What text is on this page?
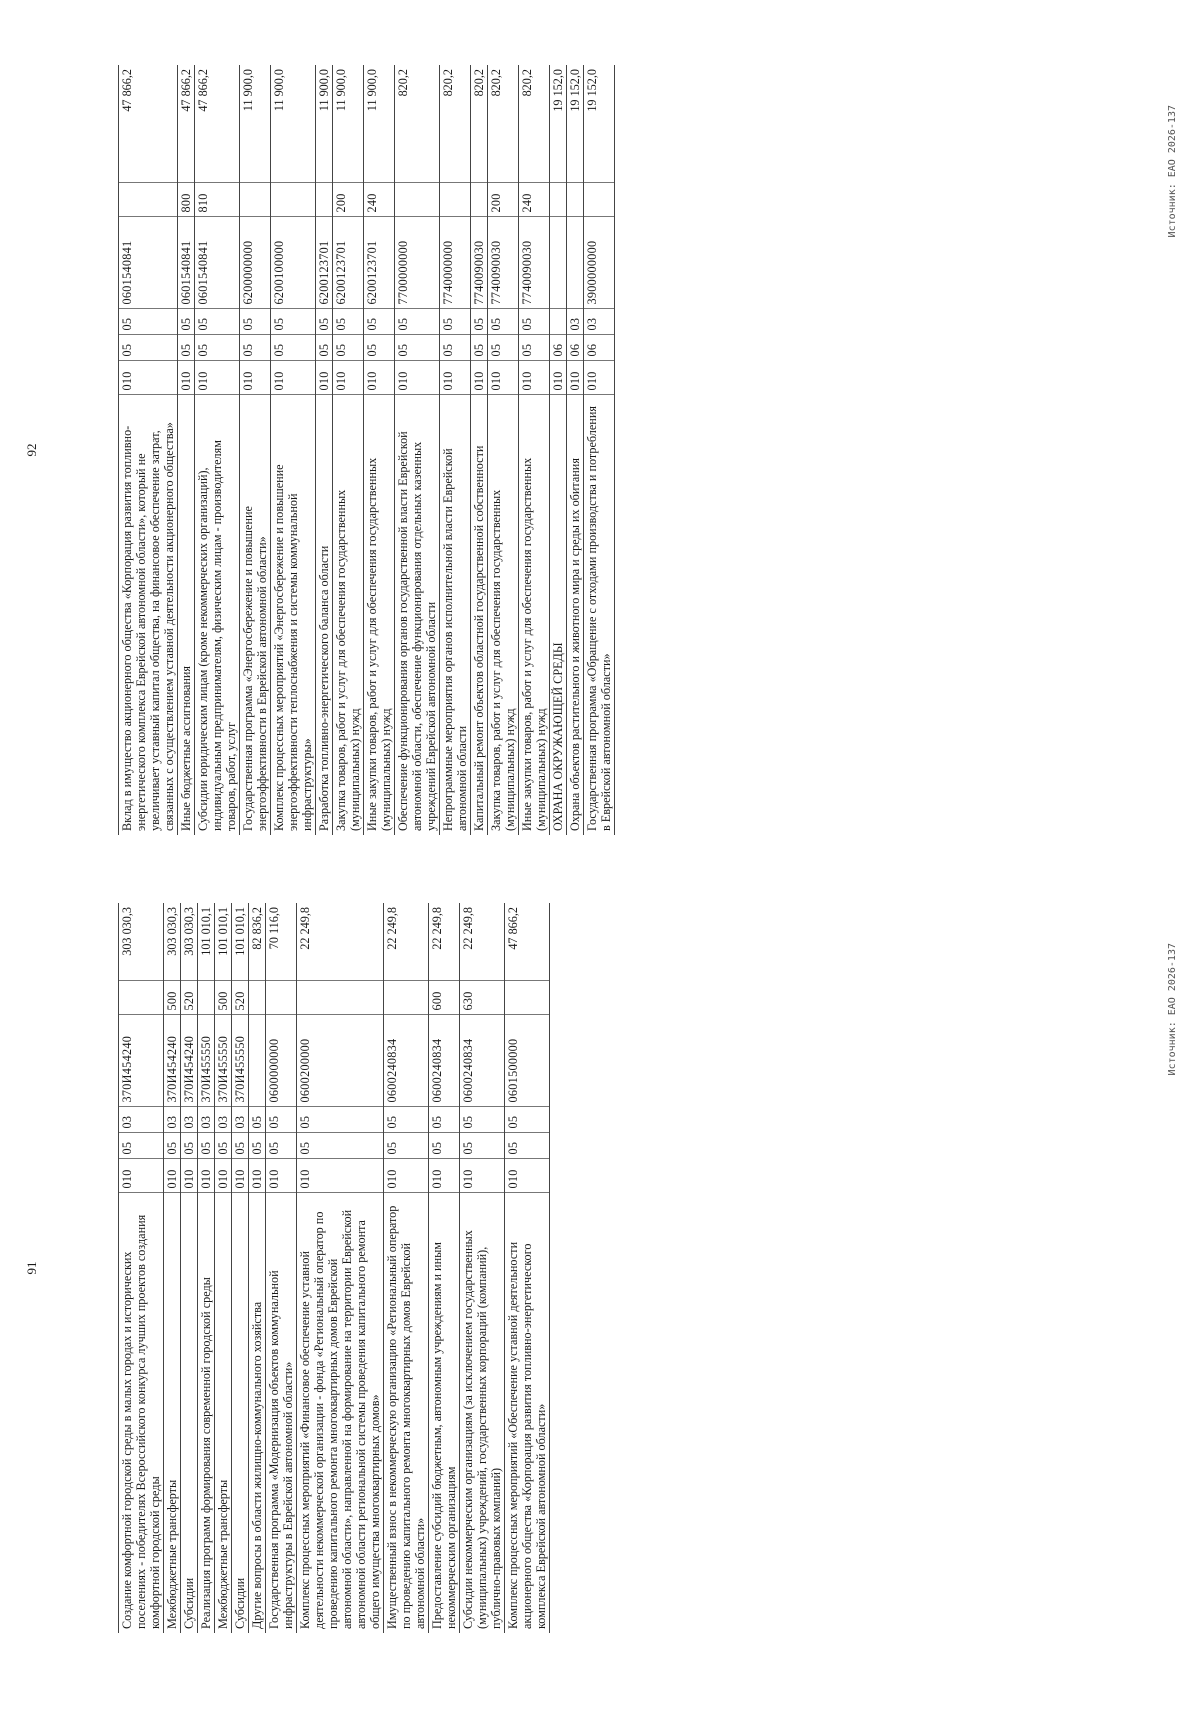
91	Создание комфортной городской среды в малых городах и исторических поселениях - победителях Всероссийского конкурса лучших проектов создания комфортной городской среды	010	05	03	370И454240		303 030,3
Межбюджетные трансферты	010	05	03	370И454240	500	303 030,3
Субсидии	010	05	03	370И454240	520	303 030,3
Реализация программ формирования современной городской среды	010	05	03	370И455550		101 010,1
Межбюджетные трансферты	010	05	03	370И455550	500	101 010,1
Субсидии	010	05	03	370И455550	520	101 010,1
Другие вопросы в области жилищно-коммунального хозяйства	010	05	05			82 836,2
Государственная программа «Модернизация объектов коммунальной инфраструктуры в Еврейской автономной области»	010	05	05	0600000000		70 116,0
Комплекс процессных мероприятий «Финансовое обеспечение уставной деятельности некоммерческой организации - фонда «Региональный оператор по проведению капитального ремонта многоквартирных домов Еврейской автономной области», направленной на формирование на территории Еврейской автономной области региональной системы проведения капитального ремонта общего имущества многоквартирных домов»	010	05	05	0600200000		22 249,8
Имущественный взнос в некоммерческую организацию «Региональный оператор по проведению капитального ремонта многоквартирных домов Еврейской автономной области»	010	05	05	0600240834		22 249,8
Предоставление субсидий бюджетным, автономным учреждениям и иным некоммерческим организациям	010	05	05	0600240834	600	22 249,8
Субсидии некоммерческим организациям (за исключением государственных (муниципальных) учреждений, государственных корпораций (компаний), публично-правовых компаний)	010	05	05	0600240834	630	22 249,8
Комплекс процессных мероприятий «Обеспечение уставной деятельности акционерного общества «Корпорация развития топливно-энергетического комплекса Еврейской автономной области»	010	05	05	0601500000		47 866,2
Источник: ЕАО 2026-137
92	Вклад в имущество акционерного общества «Корпорация развития топливно-энергетического комплекса Еврейской автономной области», который не увеличивает уставный капитал общества, на финансовое обеспечение затрат, связанных с осуществлением уставной деятельности акционерного общества»	010	05	05	0601540841		47 866,2
Иные бюджетные ассигнования	010	05	05	0601540841	800	47 866,2
Субсидии юридическим лицам (кроме некоммерческих организаций), индивидуальным предпринимателям, физическим лицам - производителям товаров, работ, услуг	010	05	05	0601540841	810	47 866,2
Государственная программа «Энергосбережение и повышение энергоэффективности в Еврейской автономной области»	010	05	05	6200000000		11 900,0
Комплекс процессных мероприятий «Энергосбережение и повышение энергоэффективности теплоснабжения и системы коммунальной инфраструктуры»	010	05	05	6200100000		11 900,0
Разработка топливно-энергетического баланса области	010	05	05	6200123701		11 900,0
Закупка товаров, работ и услуг для обеспечения государственных (муниципальных) нужд	010	05	05	6200123701	200	11 900,0
Иные закупки товаров, работ и услуг для обеспечения государственных (муниципальных) нужд	010	05	05	6200123701	240	11 900,0
Обеспечение функционирования органов государственной власти Еврейской автономной области, обеспечение функционирования отдельных казенных учреждений Еврейской автономной области	010	05	05	7700000000		820,2
Непрограммные мероприятия органов исполнительной власти Еврейской автономной области	010	05	05	7740000000		820,2
Капитальный ремонт объектов областной государственной собственности	010	05	05	7740090030		820,2
Закупка товаров, работ и услуг для обеспечения государственных (муниципальных) нужд	010	05	05	7740090030	200	820,2
Иные закупки товаров, работ и услуг для обеспечения государственных (муниципальных) нужд	010	05	05	7740090030	240	820,2
ОХРАНА ОКРУЖАЮЩЕЙ СРЕДЫ	010	06				19 152,0
Охрана объектов растительного и животного мира и среды их обитания	010	06	03			19 152,0
Государственная программа «Обращение с отходами производства и потребления в Еврейской автономной области»	010	06	03	3900000000		19 152,0
Источник: ЕАО 2026-137
